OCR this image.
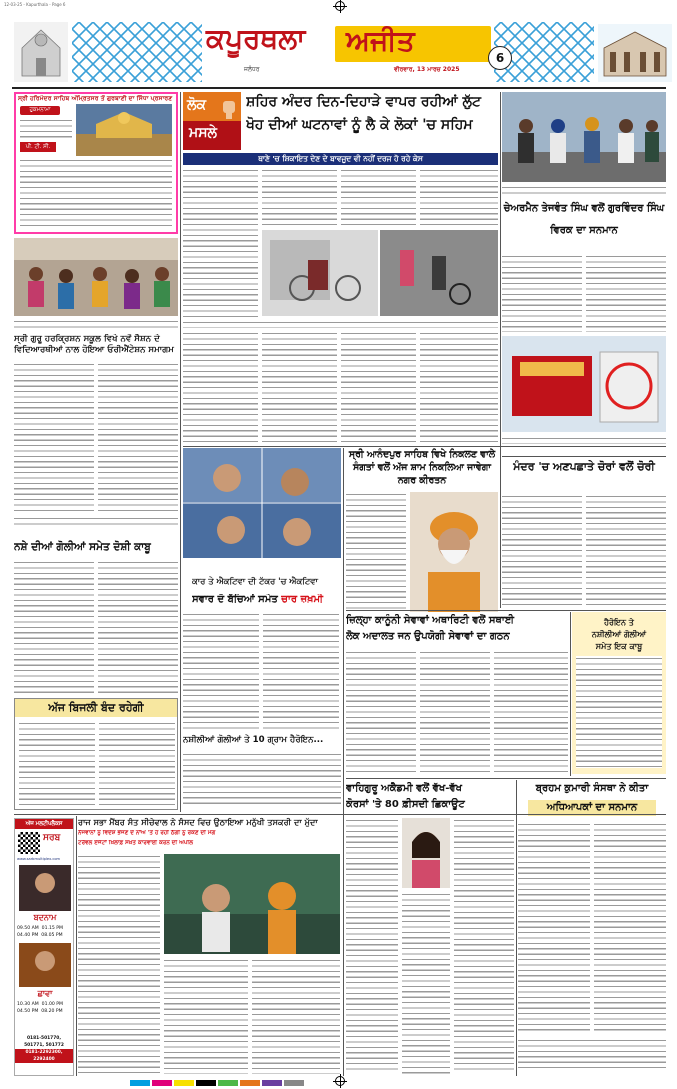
12-03-25 - Kapurthala - Page 6
ਕਪੂਰਥਲਾ ਅਜੀਤ
ਜਲੰਧਰ	ਵੀਰਵਾਰ, 13 ਮਾਰਚ 2025
6
ਸ੍ਰੀ ਹਰਿਮੰਦਰ ਸਾਹਿਬ ਅੰਮ੍ਰਿਤਸਰ ਤੋਂ ਗੁਰਬਾਣੀ ਦਾ ਸਿੱਧਾ ਪ੍ਰਸਾਰਣ
ਹੁਕਮਨਾਮਾ
ਪੀ. ਟੀ. ਸੀ.
ਸ੍ਰੀ ਗੁਰੂ ਹਰਕ੍ਰਿਸ਼ਨ ਸਕੂਲ ਵਿਖੇ ਨਵੇਂ ਸੈਸ਼ਨ ਦੇ ਵਿਦਿਆਰਥੀਆਂ ਨਾਲ ਹੋਇਆ ਓਰੀਐਂਟੇਸ਼ਨ ਸਮਾਗਮ
ਲੋਕ
ਮਸਲੇ
ਸ਼ਹਿਰ ਅੰਦਰ ਦਿਨ-ਦਿਹਾੜੇ ਵਾਪਰ ਰਹੀਆਂ ਲੁੱਟ
ਖੋਹ ਦੀਆਂ ਘਟਨਾਵਾਂ ਨੂੰ ਲੈ ਕੇ ਲੋਕਾਂ 'ਚ ਸਹਿਮ
ਥਾਣੇ 'ਚ ਸ਼ਿਕਾਇਤ ਦੇਣ ਦੇ ਬਾਵਜੂਦ ਵੀ ਨਹੀਂ ਦਰਜ ਹੋ ਰਹੇ ਕੇਸ
ਚੇਅਰਮੈਨ ਤੇਜਵੰਤ ਸਿੰਘ ਵਲੋਂ ਗੁਰਵਿੰਦਰ ਸਿੰਘ ਵਿਰਕ ਦਾ ਸਨਮਾਨ
ਨਸ਼ੇ ਦੀਆਂ ਗੋਲੀਆਂ ਸਮੇਤ ਦੋਸ਼ੀ ਕਾਬੂ
ਅੱਜ ਬਿਜਲੀ ਬੰਦ ਰਹੇਗੀ
ਕਾਰ ਤੇ ਐਕਟਿਵਾ ਦੀ ਟੱਕਰ 'ਚ ਐਕਟਿਵਾ
ਸਵਾਰ ਦੋ ਬੱਚਿਆਂ ਸਮੇਤ ਚਾਰ ਜ਼ਖ਼ਮੀ
ਨਸ਼ੀਲੀਆਂ ਗੋਲੀਆਂ ਤੇ 10 ਗ੍ਰਾਮ ਹੈਰੋਇਨ...
ਸ੍ਰੀ ਆਨੰਦਪੁਰ ਸਾਹਿਬ ਵਿਖੇ ਨਿਕਲਣ ਵਾਲੇ ਸੰਗਤਾਂ ਵਲੋਂ ਅੱਜ ਸ਼ਾਮ ਨਿਕਲਿਆ ਜਾਵੇਗਾ ਨਗਰ ਕੀਰਤਨ
ਮੰਦਰ 'ਚ ਅਣਪਛਾਤੇ ਚੋਰਾਂ ਵਲੋਂ ਚੋਰੀ
ਜ਼ਿਲ੍ਹਾ ਕਾਨੂੰਨੀ ਸੇਵਾਵਾਂ ਅਥਾਰਿਟੀ ਵਲੋਂ ਸਥਾਈ
ਲੋਕ ਅਦਾਲਤ ਜਨ ਉਪਯੋਗੀ ਸੇਵਾਵਾਂ ਦਾ ਗਠਨ
ਹੈਰੋਇਨ ਤੇ
ਨਸ਼ੀਲੀਆਂ ਗੋਲੀਆਂ
ਸਮੇਤ ਇਕ ਕਾਬੂ
ਅੱਜ ਮਲਟੀਪਲੈਕਸ
ਸਰਬ
www.sarbmultiplex.com
ਬਦਨਾਮ
09.50 AM 01.15 PM
04.40 PM 08.05 PM
ਛਾਵਾ
10.30 AM 01.00 PM
04.50 PM 08.20 PM
0181-501770,
501771, 501772
0181-2292300, 2292400
ਰਾਜ ਸਭਾ ਮੈਂਬਰ ਸੰਤ ਸੀਚੇਵਾਲ ਨੇ ਸੰਸਦ ਵਿਚ ਉਠਾਇਆ ਮਨੁੱਖੀ ਤਸਕਰੀ ਦਾ ਮੁੱਦਾ
ਨੌਜਵਾਨਾਂ ਨੂੰ ਵਿਦੇਸ਼ ਭੇਜਣ ਦੇ ਨਾਂਅ 'ਤੇ ਹੋ ਰਹੀ ਠੱਗੀ ਨੂੰ ਰੋਕਣ ਦੀ ਮੰਗ
ਟਰੈਵਲ ਏਜੰਟਾਂ ਖ਼ਿਲਾਫ਼ ਸਖ਼ਤ ਕਾਰਵਾਈ ਕਰਨ ਦੀ ਅਪੀਲ
ਵਾਹਿਗੁਰੂ ਅਕੈਡਮੀ ਵਲੋਂ ਵੱਖ-ਵੱਖ
ਕੋਰਸਾਂ 'ਤੇ 80 ਫ਼ੀਸਦੀ ਛਿਕਾਊਟ
ਬ੍ਰਹਮ ਕੁਮਾਰੀ ਸੰਸਥਾ ਨੇ ਕੀਤਾ
ਅਧਿਆਪਕਾਂ ਦਾ ਸਨਮਾਨ
